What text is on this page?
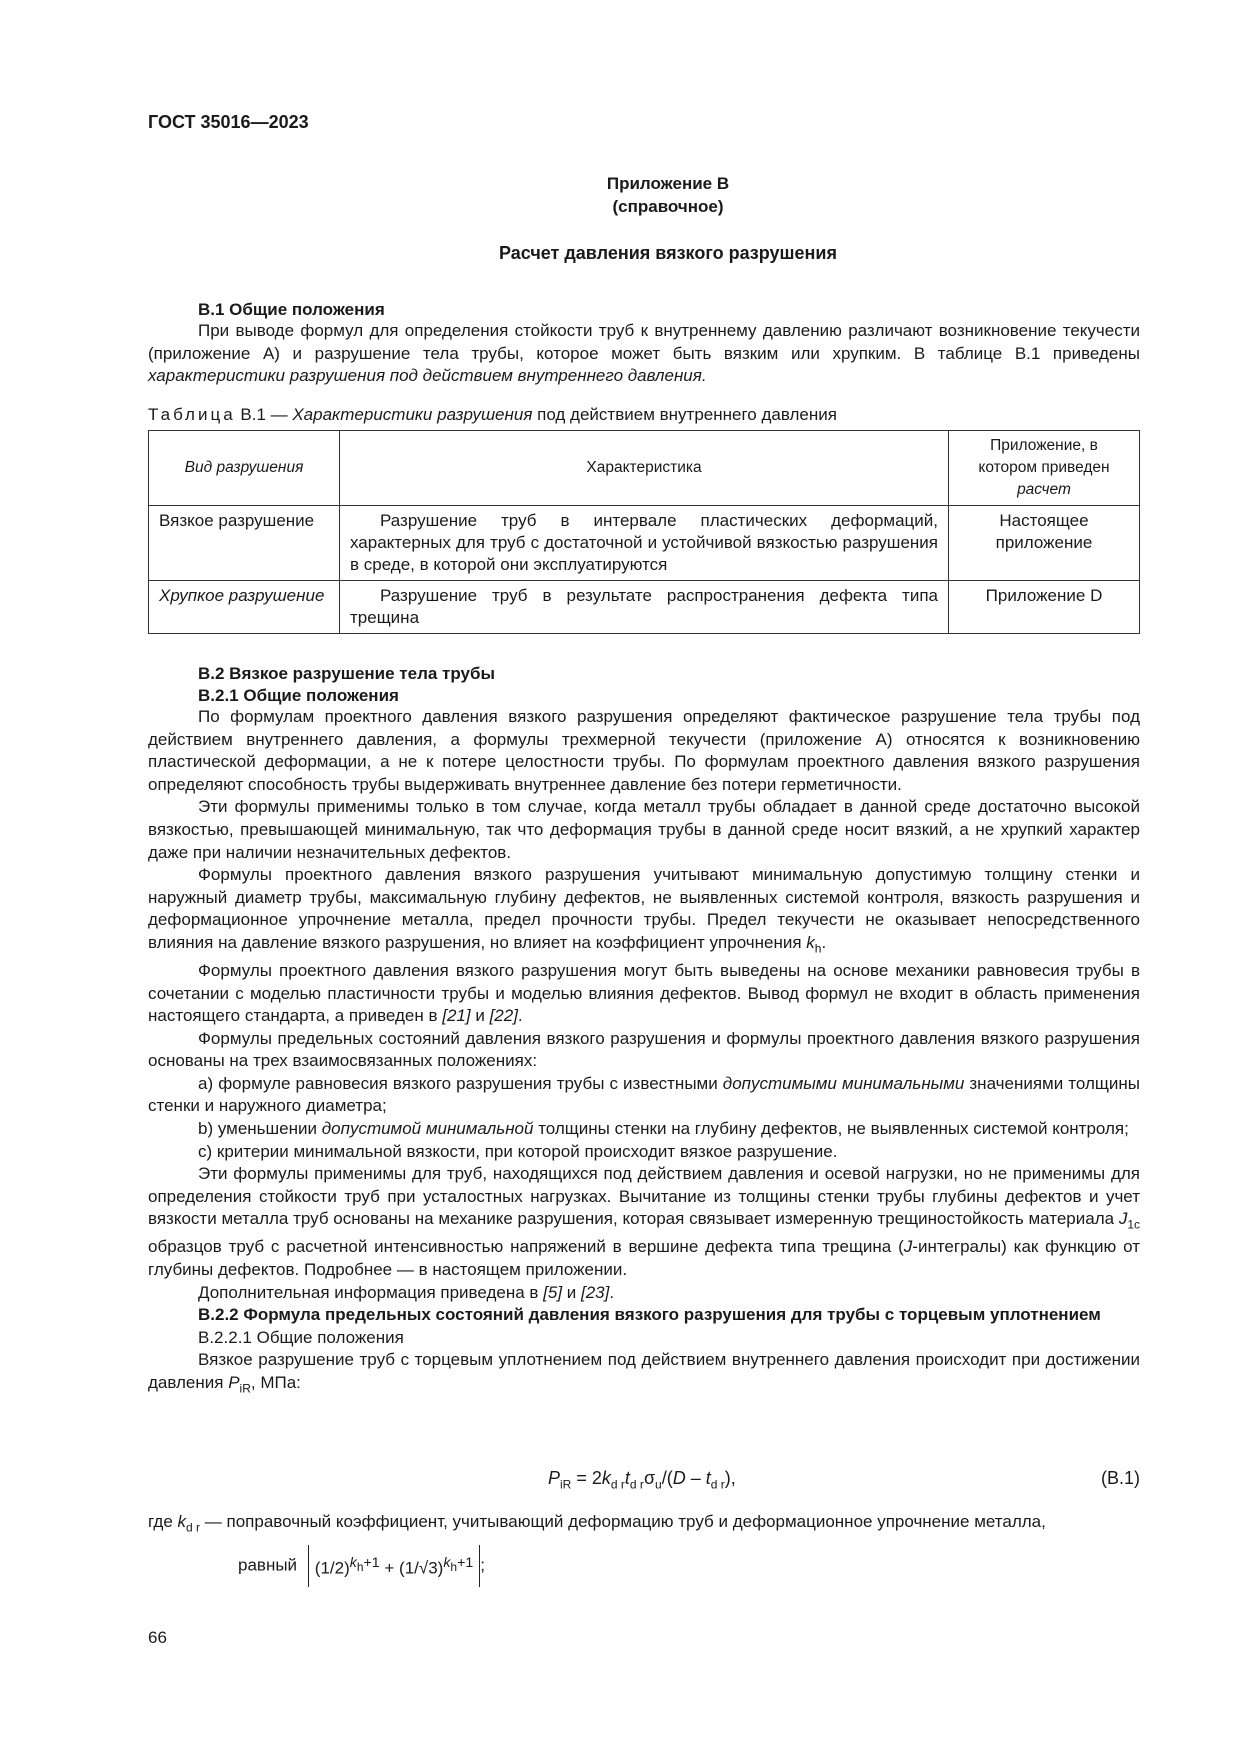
ГОСТ 35016—2023
Приложение В
(справочное)
Расчет давления вязкого разрушения
В.1 Общие положения

При выводе формул для определения стойкости труб к внутреннему давлению различают возникновение текучести (приложение А) и разрушение тела трубы, которое может быть вязким или хрупким. В таблице В.1 приведены характеристики разрушения под действием внутреннего давления.

Таблица В.1 — Характеристики разрушения под действием внутреннего давления
Вид разрушения	Характеристика	Приложение, в котором приведен расчет
Вязкое разрушение	Разрушение труб в интервале пластических деформаций, характерных для труб с достаточной и устойчивой вязкостью разрушения в среде, в которой они эксплуатируются	Настоящее приложение
Хрупкое разрушение	Разрушение труб в результате распространения дефекта типа трещина	Приложение D
В.2 Вязкое разрушение тела трубы
В.2.1 Общие положения

По формулам проектного давления вязкого разрушения определяют фактическое разрушение тела трубы под действием внутреннего давления, а формулы трехмерной текучести (приложение А) относятся к возникновению пластической деформации, а не к потере целостности трубы. По формулам проектного давления вязкого разрушения определяют способность трубы выдерживать внутреннее давление без потери герметичности.

Эти формулы применимы только в том случае, когда металл трубы обладает в данной среде достаточно высокой вязкостью, превышающей минимальную, так что деформация трубы в данной среде носит вязкий, а не хрупкий характер даже при наличии незначительных дефектов.

Формулы проектного давления вязкого разрушения учитывают минимальную допустимую толщину стенки и наружный диаметр трубы, максимальную глубину дефектов, не выявленных системой контроля, вязкость разрушения и деформационное упрочнение металла, предел прочности трубы. Предел текучести не оказывает непосредственного влияния на давление вязкого разрушения, но влияет на коэффициент упрочнения $k_h$.

Формулы проектного давления вязкого разрушения могут быть выведены на основе механики равновесия трубы в сочетании с моделью пластичности трубы и моделью влияния дефектов. Вывод формул не входит в область применения настоящего стандарта, а приведен в [21] и [22].

Формулы предельных состояний давления вязкого разрушения и формулы проектного давления вязкого разрушения основаны на трех взаимосвязанных положениях:

а) формуле равновесия вязкого разрушения трубы с известными допустимыми минимальными значениями толщины стенки и наружного диаметра;

b) уменьшении допустимой минимальной толщины стенки на глубину дефектов, не выявленных системой контроля;

с) критерии минимальной вязкости, при которой происходит вязкое разрушение.

Эти формулы применимы для труб, находящихся под действием давления и осевой нагрузки, но не применимы для определения стойкости труб при усталостных нагрузках. Вычитание из толщины стенки трубы глубины дефектов и учет вязкости металла труб основаны на механике разрушения, которая связывает измеренную трещиностойкость материала $J_{1c}$ образцов труб с расчетной интенсивностью напряжений в вершине дефекта типа трещина (J-интегралы) как функцию от глубины дефектов. Подробнее — в настоящем приложении.

Дополнительная информация приведена в [5] и [23].

В.2.2 Формула предельных состояний давления вязкого разрушения для трубы с торцевым уплотнением

В.2.2.1 Общие положения

Вязкое разрушение труб с торцевым уплотнением под действием внутреннего давления происходит при достижении давления $P_{iR}$, МПа:

$P_{iR} = 2k_{d r}t_{d r}\sigma_u/(D - t_{d r})$,	(В.1)
где $k_{d r}$ — поправочный коэффициент, учитывающий деформацию труб и деформационное упрочнение металла,
равный $(1/2)^{k_h+1} + (1/√3)^{k_h+1}$ ;
66
